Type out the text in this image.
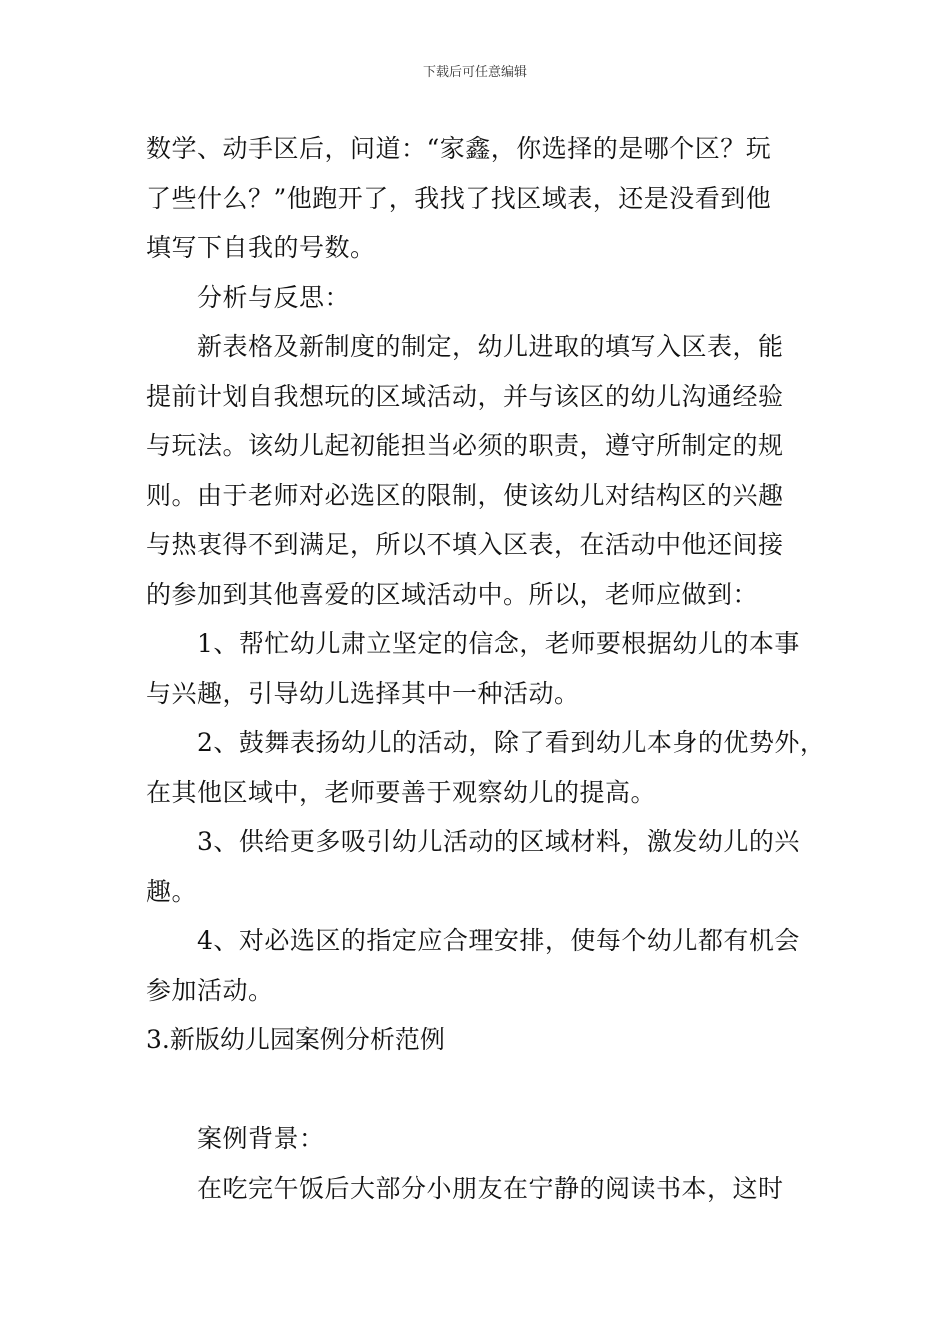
下载后可任意编辑
数学、动手区后，问道：“家鑫，你选择的是哪个区？玩
了些什么？”他跑开了，我找了找区域表，还是没看到他
填写下自我的号数。
分析与反思：
新表格及新制度的制定，幼儿进取的填写入区表，能
提前计划自我想玩的区域活动，并与该区的幼儿沟通经验
与玩法。该幼儿起初能担当必须的职责，遵守所制定的规
则。由于老师对必选区的限制，使该幼儿对结构区的兴趣
与热衷得不到满足，所以不填入区表，在活动中他还间接
的参加到其他喜爱的区域活动中。所以，老师应做到：
1、帮忙幼儿肃立坚定的信念，老师要根据幼儿的本事
与兴趣，引导幼儿选择其中一种活动。
2、鼓舞表扬幼儿的活动，除了看到幼儿本身的优势外，
在其他区域中，老师要善于观察幼儿的提高。
3、供给更多吸引幼儿活动的区域材料，激发幼儿的兴
趣。
4、对必选区的指定应合理安排，使每个幼儿都有机会
参加活动。
3.新版幼儿园案例分析范例
案例背景：
在吃完午饭后大部分小朋友在宁静的阅读书本，这时
